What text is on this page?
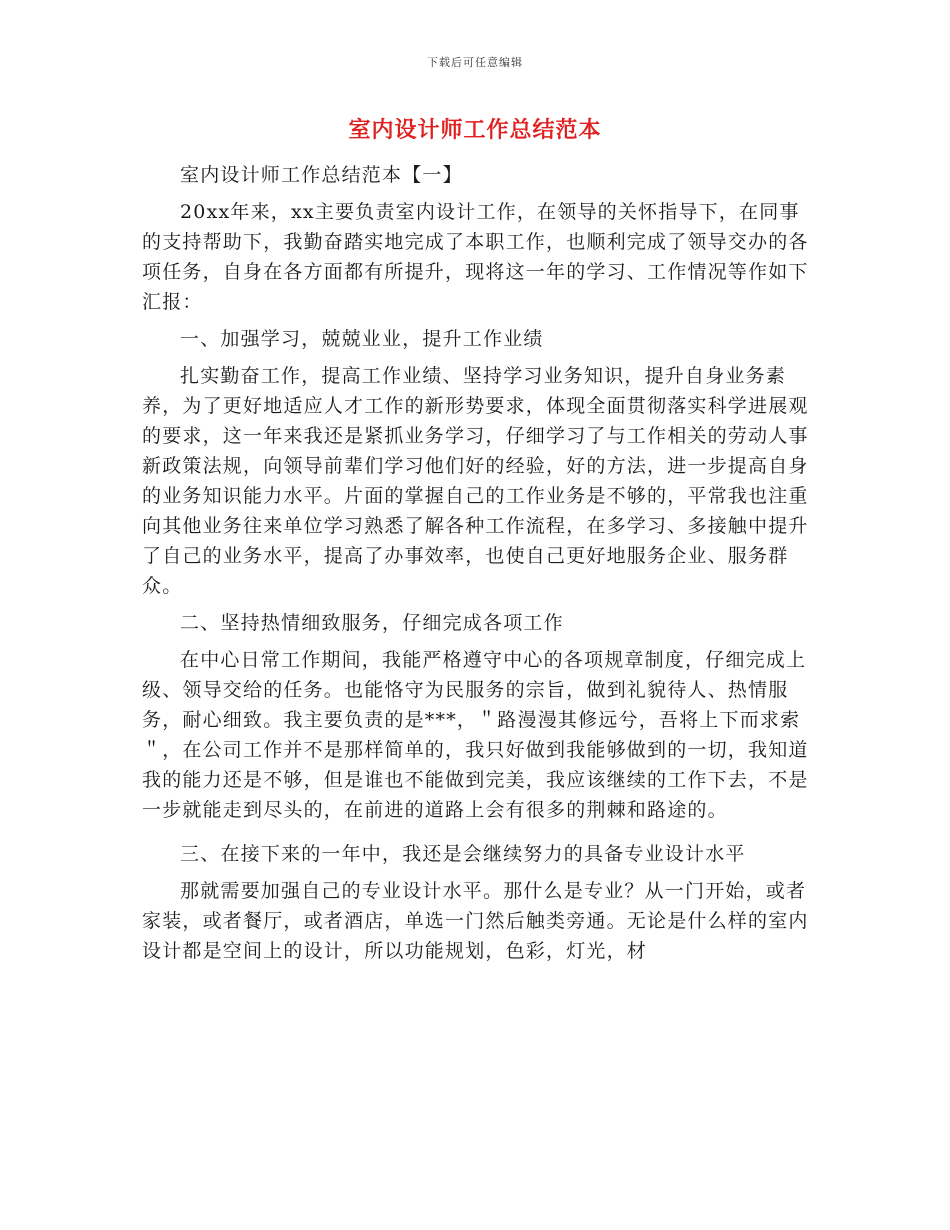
下载后可任意编辑
室内设计师工作总结范本

室内设计师工作总结范本【一】

20xx年来，xx主要负责室内设计工作，在领导的关怀指导下，在同事的支持帮助下，我勤奋踏实地完成了本职工作，也顺利完成了领导交办的各项任务，自身在各方面都有所提升，现将这一年的学习、工作情况等作如下汇报：

一、加强学习，兢兢业业，提升工作业绩

扎实勤奋工作，提高工作业绩、坚持学习业务知识，提升自身业务素养，为了更好地适应人才工作的新形势要求，体现全面贯彻落实科学进展观的要求，这一年来我还是紧抓业务学习，仔细学习了与工作相关的劳动人事新政策法规，向领导前辈们学习他们好的经验，好的方法，进一步提高自身的业务知识能力水平。片面的掌握自己的工作业务是不够的，平常我也注重向其他业务往来单位学习熟悉了解各种工作流程，在多学习、多接触中提升了自己的业务水平，提高了办事效率，也使自己更好地服务企业、服务群众。

二、坚持热情细致服务，仔细完成各项工作

在中心日常工作期间，我能严格遵守中心的各项规章制度，仔细完成上级、领导交给的任务。也能恪守为民服务的宗旨，做到礼貌待人、热情服务，耐心细致。我主要负责的是***，＂路漫漫其修远兮，吾将上下而求索＂，在公司工作并不是那样简单的，我只好做到我能够做到的一切，我知道我的能力还是不够，但是谁也不能做到完美，我应该继续的工作下去，不是一步就能走到尽头的，在前进的道路上会有很多的荆棘和路途的。

三、在接下来的一年中，我还是会继续努力的具备专业设计水平

那就需要加强自己的专业设计水平。那什么是专业？从一门开始，或者家装，或者餐厅，或者酒店，单选一门然后触类旁通。无论是什么样的室内设计都是空间上的设计，所以功能规划，色彩，灯光，材
